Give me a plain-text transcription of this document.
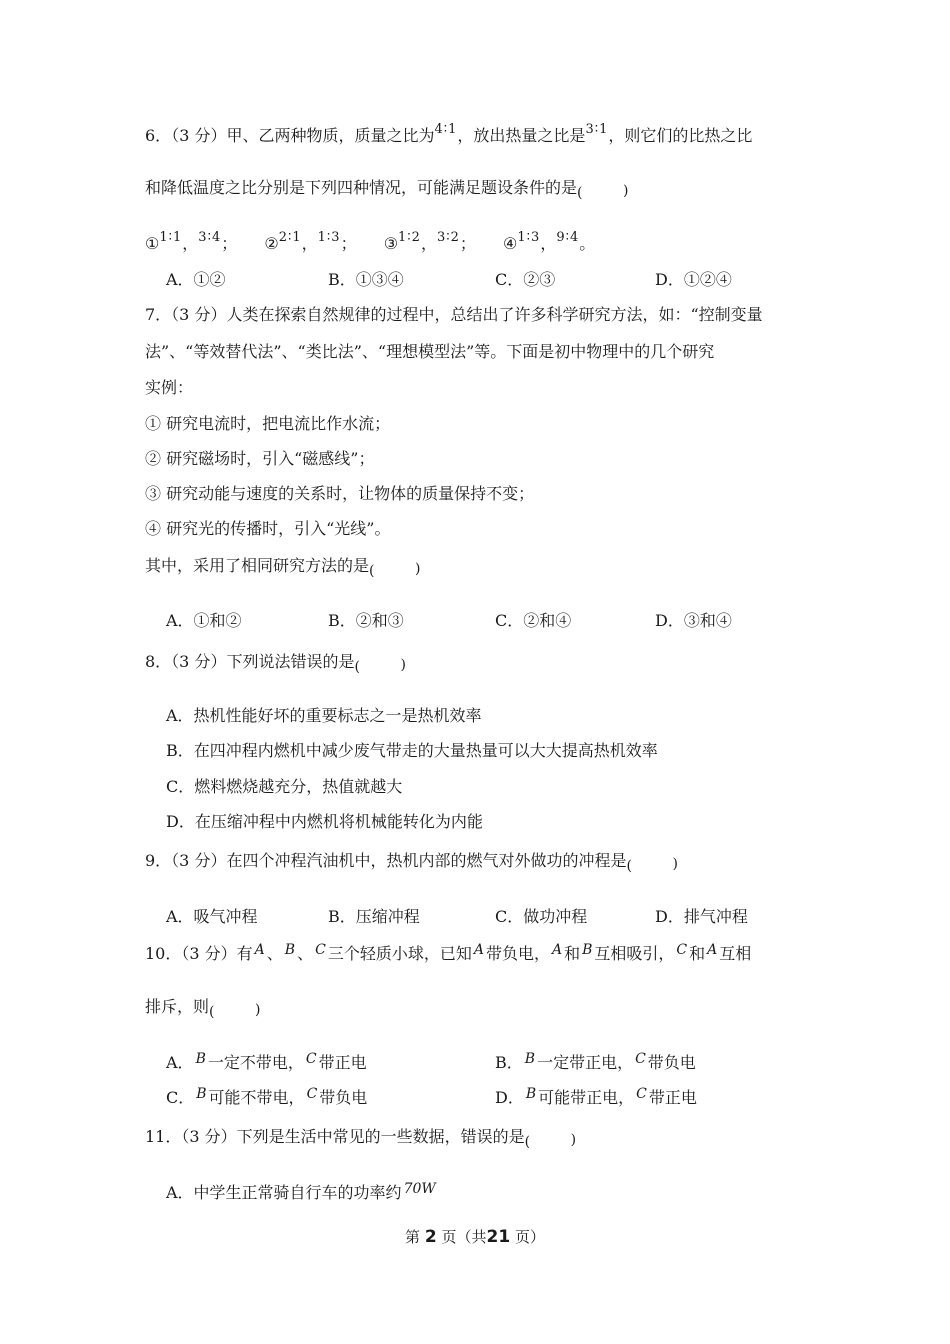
6．（3 分）甲、乙两种物质，质量之比为$^{4∶1}$，放出热量之比是$^{3∶1}$，则它们的比热之比
和降低温度之比分别是下列四种情况，可能满足题设条件的是 (	)
①$^{1∶1}$，$^{3∶4}$； ②$^{2∶1}$，$^{1∶3}$； ③$^{1∶2}$，$^{3∶2}$； ④$^{1∶3}$，$^{9∶4}$。
A．①②	B．①③④	C．②③	D．①②④
7．（3 分）人类在探索自然规律的过程中，总结出了许多科学研究方法，如：“控制变量
法”、“等效替代法”、“类比法”、“理想模型法”等。下面是初中物理中的几个研究
实例：
① 研究电流时，把电流比作水流；
② 研究磁场时，引入“磁感线”；
③ 研究动能与速度的关系时，让物体的质量保持不变；
④ 研究光的传播时，引入“光线”。
其中，采用了相同研究方法的是 (	)
A．①和②	B．②和③	C．②和④	D．③和④
8．（3 分）下列说法错误的是 (	)
A．热机性能好坏的重要标志之一是热机效率
B．在四冲程内燃机中减少废气带走的大量热量可以大大提高热机效率
C．燃料燃烧越充分，热值就越大
D．在压缩冲程中内燃机将机械能转化为内能
9．（3 分）在四个冲程汽油机中，热机内部的燃气对外做功的冲程是 (	)
A．吸气冲程	B．压缩冲程	C．做功冲程	D．排气冲程
10．（3 分）有 A 、 B 、 C 三个轻质小球，已知 A 带负电， A 和 B 互相吸引， C 和 A 互相
排斥，则 (	)
A． B 一定不带电， C 带正电	B． B 一定带正电， C 带负电
C． B 可能不带电， C 带负电	D． B 可能带正电， C 带正电
11．（3 分）下列是生活中常见的一些数据，错误的是 (	)
A．中学生正常骑自行车的功率约 70W
第 2 页（共21 页）
